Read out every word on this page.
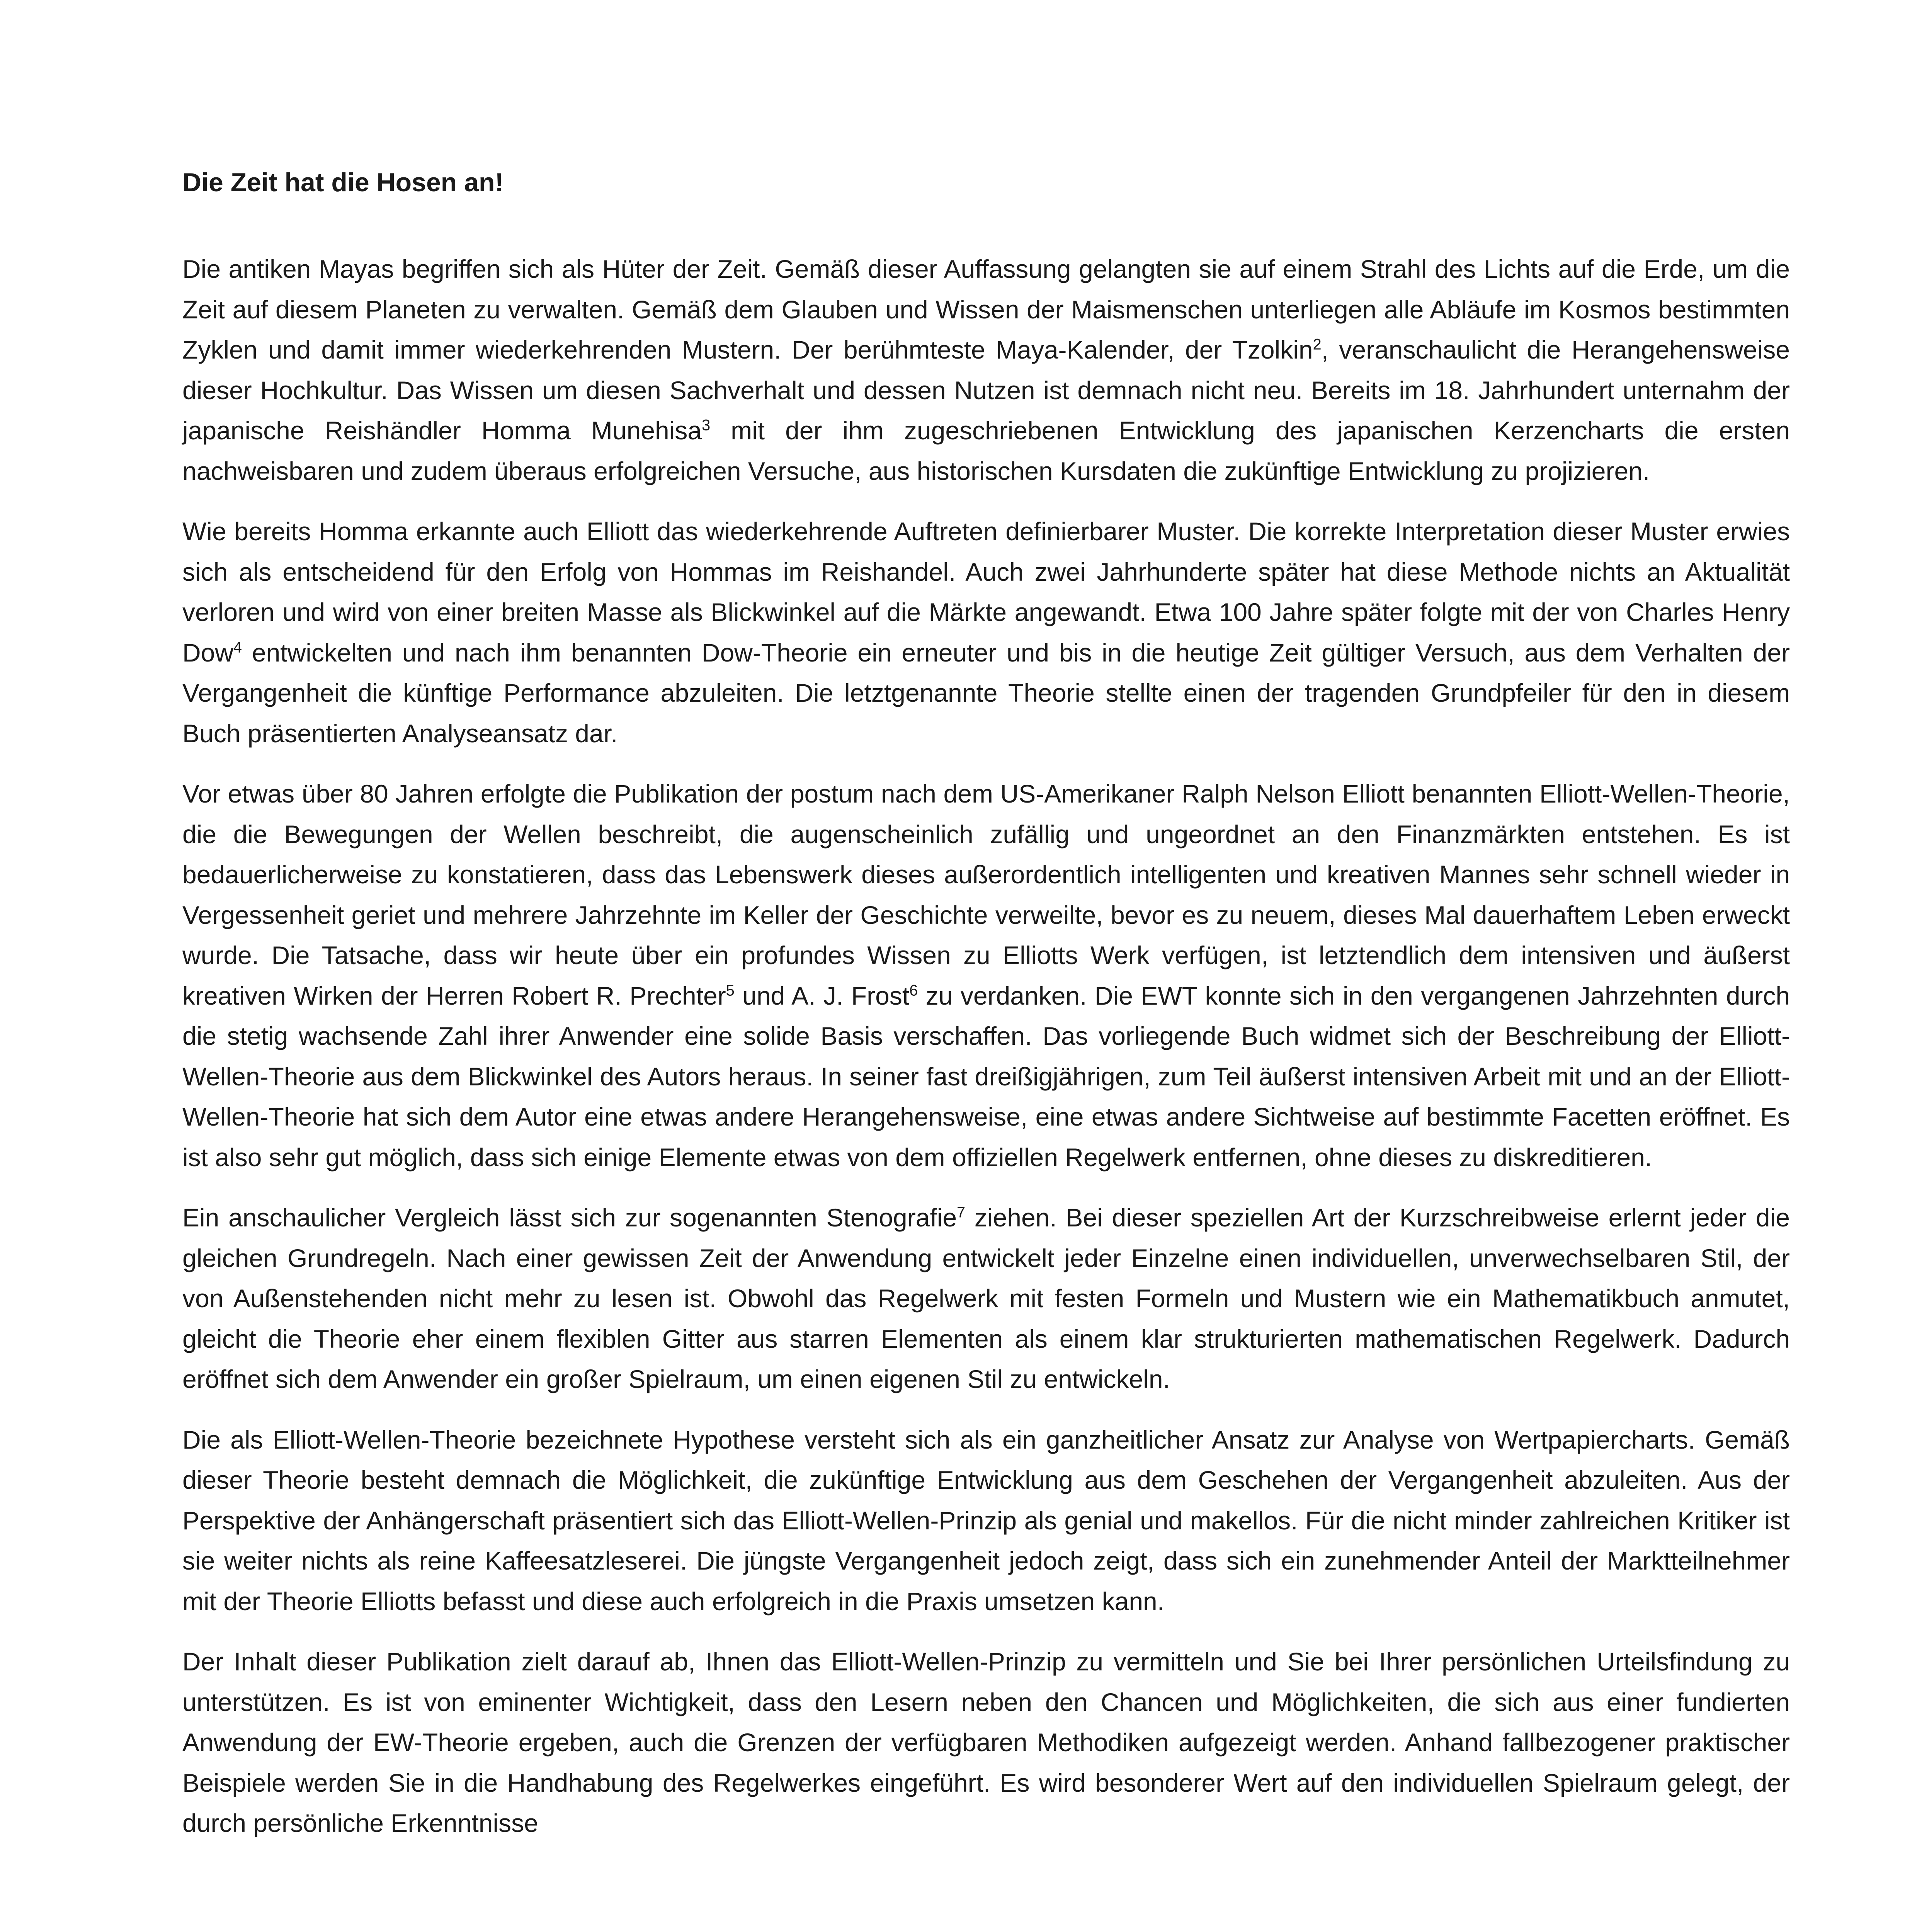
Die Zeit hat die Hosen an!

Die antiken Mayas begriffen sich als Hüter der Zeit. Gemäß dieser Auffassung gelangten sie auf einem Strahl des Lichts auf die Erde, um die Zeit auf diesem Planeten zu verwalten. Gemäß dem Glauben und Wissen der Maismenschen unterliegen alle Abläufe im Kosmos bestimmten Zyklen und damit immer wiederkehrenden Mustern. Der berühmteste Maya-Kalender, der Tzolkin$^2$, veranschaulicht die Herangehensweise dieser Hochkultur. Das Wissen um diesen Sachverhalt und dessen Nutzen ist demnach nicht neu. Bereits im 18. Jahrhundert unternahm der japanische Reishändler Homma Munehisa$^3$ mit der ihm zugeschriebenen Entwicklung des japanischen Kerzencharts die ersten nachweisbaren und zudem überaus erfolgreichen Versuche, aus historischen Kursdaten die zukünftige Entwicklung zu projizieren.

Wie bereits Homma erkannte auch Elliott das wiederkehrende Auftreten definierbarer Muster. Die korrekte Interpretation dieser Muster erwies sich als entscheidend für den Erfolg von Hommas im Reishandel. Auch zwei Jahrhunderte später hat diese Methode nichts an Aktualität verloren und wird von einer breiten Masse als Blickwinkel auf die Märkte angewandt. Etwa 100 Jahre später folgte mit der von Charles Henry Dow$^4$ entwickelten und nach ihm benannten Dow-Theorie ein erneuter und bis in die heutige Zeit gültiger Versuch, aus dem Verhalten der Vergangenheit die künftige Performance abzuleiten. Die letztgenannte Theorie stellte einen der tragenden Grundpfeiler für den in diesem Buch präsentierten Analyseansatz dar.

Vor etwas über 80 Jahren erfolgte die Publikation der postum nach dem US-Amerikaner Ralph Nelson Elliott benannten Elliott-Wellen-Theorie, die die Bewegungen der Wellen beschreibt, die augenscheinlich zufällig und ungeordnet an den Finanzmärkten entstehen. Es ist bedauerlicherweise zu konstatieren, dass das Lebenswerk dieses außerordentlich intelligenten und kreativen Mannes sehr schnell wieder in Vergessenheit geriet und mehrere Jahrzehnte im Keller der Geschichte verweilte, bevor es zu neuem, dieses Mal dauerhaftem Leben erweckt wurde. Die Tatsache, dass wir heute über ein profundes Wissen zu Elliotts Werk verfügen, ist letztendlich dem intensiven und äußerst kreativen Wirken der Herren Robert R. Prechter$^5$ und A. J. Frost$^6$ zu verdanken. Die EWT konnte sich in den vergangenen Jahrzehnten durch die stetig wachsende Zahl ihrer Anwender eine solide Basis verschaffen. Das vorliegende Buch widmet sich der Beschreibung der Elliott-Wellen-Theorie aus dem Blickwinkel des Autors heraus. In seiner fast dreißigjährigen, zum Teil äußerst intensiven Arbeit mit und an der Elliott-Wellen-Theorie hat sich dem Autor eine etwas andere Herangehensweise, eine etwas andere Sichtweise auf bestimmte Facetten eröffnet. Es ist also sehr gut möglich, dass sich einige Elemente etwas von dem offiziellen Regelwerk entfernen, ohne dieses zu diskreditieren.

Ein anschaulicher Vergleich lässt sich zur sogenannten Stenografie$^7$ ziehen. Bei dieser speziellen Art der Kurzschreibweise erlernt jeder die gleichen Grundregeln. Nach einer gewissen Zeit der Anwendung entwickelt jeder Einzelne einen individuellen, unverwechselbaren Stil, der von Außenstehenden nicht mehr zu lesen ist. Obwohl das Regelwerk mit festen Formeln und Mustern wie ein Mathematikbuch anmutet, gleicht die Theorie eher einem flexiblen Gitter aus starren Elementen als einem klar strukturierten mathematischen Regelwerk. Dadurch eröffnet sich dem Anwender ein großer Spielraum, um einen eigenen Stil zu entwickeln.

Die als Elliott-Wellen-Theorie bezeichnete Hypothese versteht sich als ein ganzheitlicher Ansatz zur Analyse von Wertpapiercharts. Gemäß dieser Theorie besteht demnach die Möglichkeit, die zukünftige Entwicklung aus dem Geschehen der Vergangenheit abzuleiten. Aus der Perspektive der Anhängerschaft präsentiert sich das Elliott-Wellen-Prinzip als genial und makellos. Für die nicht minder zahlreichen Kritiker ist sie weiter nichts als reine Kaffeesatzleserei. Die jüngste Vergangenheit jedoch zeigt, dass sich ein zunehmender Anteil der Marktteilnehmer mit der Theorie Elliotts befasst und diese auch erfolgreich in die Praxis umsetzen kann.

Der Inhalt dieser Publikation zielt darauf ab, Ihnen das Elliott-Wellen-Prinzip zu vermitteln und Sie bei Ihrer persönlichen Urteilsfindung zu unterstützen. Es ist von eminenter Wichtigkeit, dass den Lesern neben den Chancen und Möglichkeiten, die sich aus einer fundierten Anwendung der EW-Theorie ergeben, auch die Grenzen der verfügbaren Methodiken aufgezeigt werden. Anhand fallbezogener praktischer Beispiele werden Sie in die Handhabung des Regelwerkes eingeführt. Es wird besonderer Wert auf den individuellen Spielraum gelegt, der durch persönliche Erkenntnisse
